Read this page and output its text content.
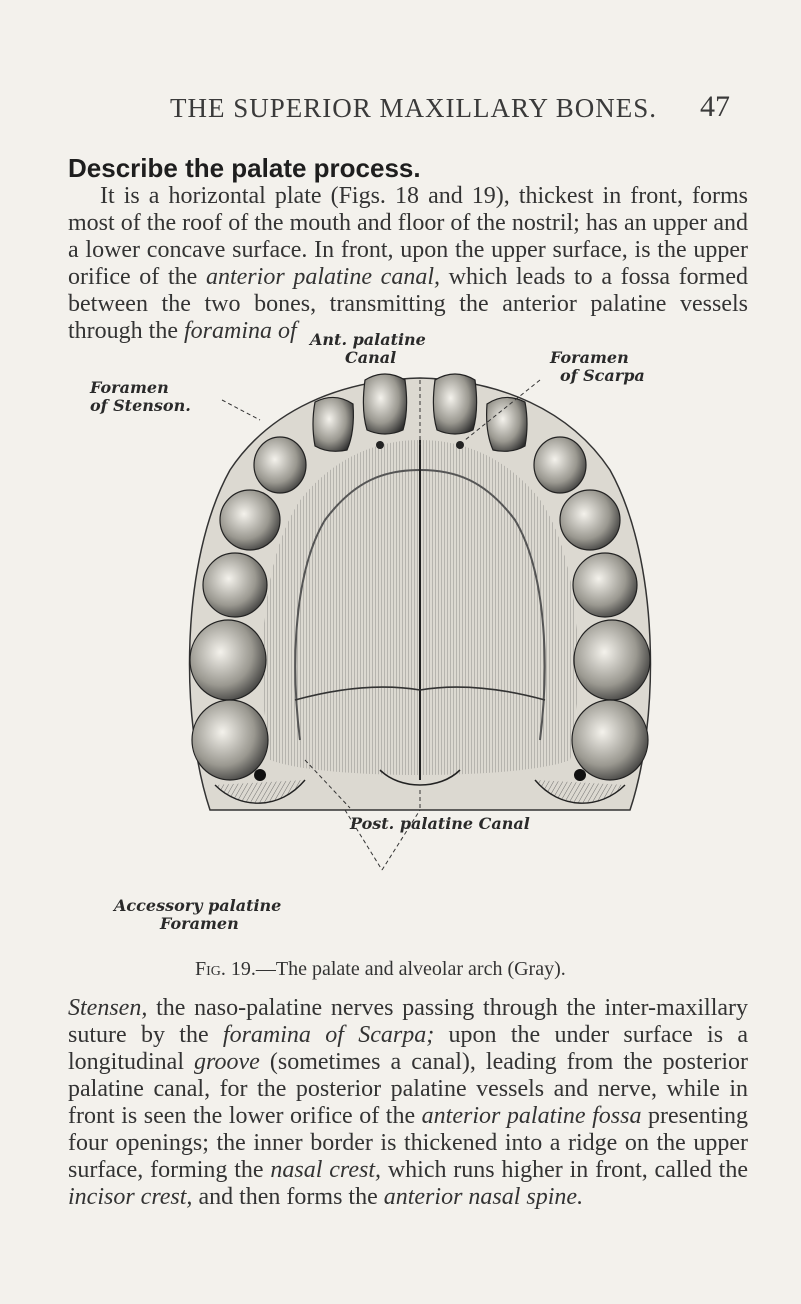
THE SUPERIOR MAXILLARY BONES.	47
Describe the palate process.

It is a horizontal plate (Figs. 18 and 19), thickest in front, forms most of the roof of the mouth and floor of the nostril; has an upper and a lower concave surface. In front, upon the upper surface, is the upper orifice of the anterior palatine canal, which leads to a fossa formed between the two bones, transmitting the anterior palatine vessels through the foramina of Ant. palatine
Canal
Foramen
of Stenson.
Foramen
of Scarpa
Post. palatine Canal
Accessory palatine
Foramen
Fig. 19.—The palate and alveolar arch (Gray).

Stensen, the naso-palatine nerves passing through the inter-maxillary suture by the foramina of Scarpa; upon the under surface is a longitudinal groove (sometimes a canal), leading from the posterior palatine canal, for the posterior palatine vessels and nerve, while in front is seen the lower orifice of the anterior palatine fossa presenting four openings; the inner border is thickened into a ridge on the upper surface, forming the nasal crest, which runs higher in front, called the incisor crest, and then forms the anterior nasal spine.
